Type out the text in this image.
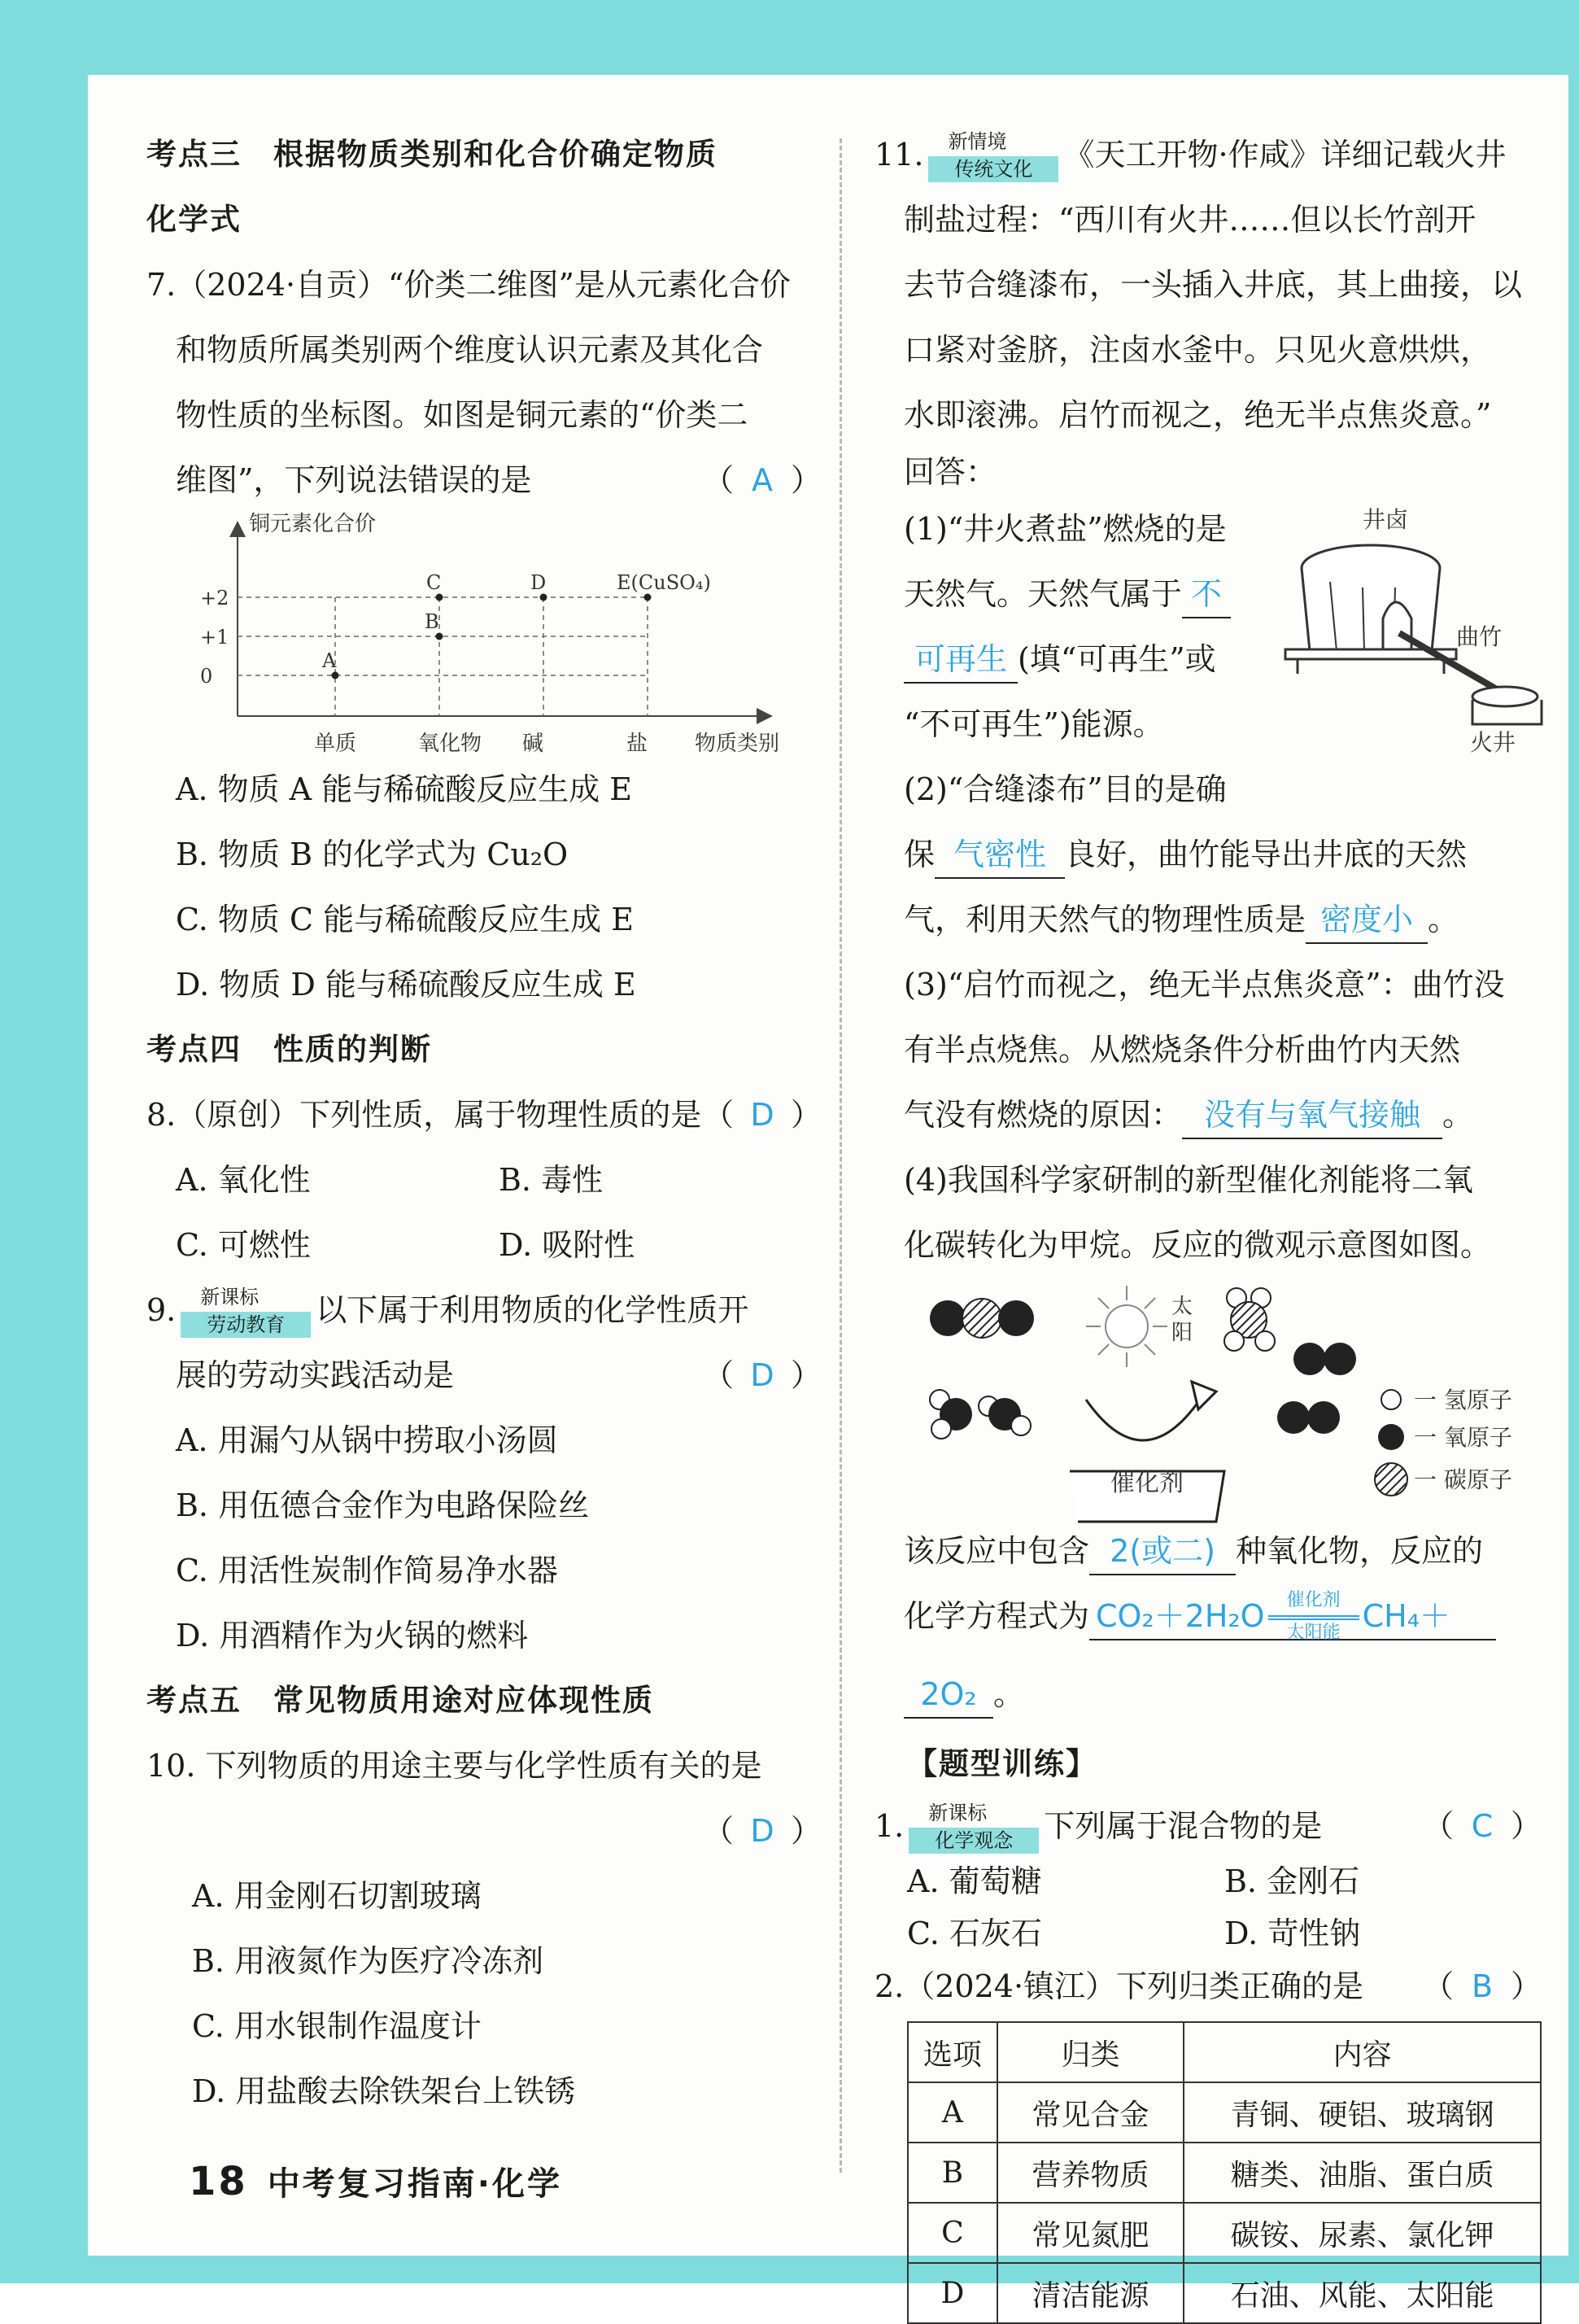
考点三　根据物质类别和化合价确定物质
化学式
7.（2024·自贡）“价类二维图”是从元素化合价
和物质所属类别两个维度认识元素及其化合
物性质的坐标图。如图是铜元素的“价类二
维图”，下列说法错误的是	（ A ）
铜元素化合价
物质类别
+2
+1
0
单质	氧化物 碱	盐
A
B
C	D	E(CuSO₄)
A. 物质 A 能与稀硫酸反应生成 E
B. 物质 B 的化学式为 Cu₂O
C. 物质 C 能与稀硫酸反应生成 E
D. 物质 D 能与稀硫酸反应生成 E
考点四　性质的判断
8.（原创）下列性质，属于物理性质的是 （ D ）
A. 氧化性	B. 毒性
C. 可燃性	D. 吸附性
9. 新课标
劳动教育	以下属于利用物质的化学性质开
展的劳动实践活动是	（ D ）
A. 用漏勺从锅中捞取小汤圆
B. 用伍德合金作为电路保险丝
C. 用活性炭制作简易净水器
D. 用酒精作为火锅的燃料
考点五　常见物质用途对应体现性质
10. 下列物质的用途主要与化学性质有关的是
（ D ）

A. 用金刚石切割玻璃
B. 用液氮作为医疗冷冻剂
C. 用水银制作温度计
D. 用盐酸去除铁架台上铁锈
11. 新情境
传统文化	《天工开物·作咸》详细记载火井
制盐过程：“西川有火井……但以长竹剖开
去节合缝漆布，一头插入井底，其上曲接，以
口紧对釜脐，注卤水釜中。只见火意烘烘，
水即滚沸。启竹而视之，绝无半点焦炎意。”
回答：
(1)“井火煮盐”燃烧的是
天然气。天然气属于 不
可再生 (填“可再生”或
“不可再生”)能源。
(2)“合缝漆布”目的是确
井卤
曲竹
火井
保 气密性 良好，曲竹能导出井底的天然
气，利用天然气的物理性质是 密度小 。
(3)“启竹而视之，绝无半点焦炎意”：曲竹没
有半点烧焦。从燃烧条件分析曲竹内天然
气没有燃烧的原因： 没有与氧气接触 。
(4)我国科学家研制的新型催化剂能将二氧
化碳转化为甲烷。反应的微观示意图如图。
太
阳
催化剂
一 氢原子
一 氧原子
一 碳原子
该反应中包含 2(或二) 种氧化物，反应的
化学方程式为 CO₂＋2H₂O	催化剂
太阳能 CH₄＋
2O₂ 。
【题型训练】
1. 新课标
化学观念	下列属于混合物的是	（ C ）
A. 葡萄糖	B. 金刚石
C. 石灰石	D. 苛性钠
2.（2024·镇江）下列归类正确的是 （ B ）
选项	归类	内容
A	常见合金	青铜、硬铝、玻璃钢
B	营养物质	糖类、油脂、蛋白质
C	常见氮肥	碳铵、尿素、氯化钾
D	清洁能源	石油、风能、太阳能
18 中考复习指南·化学
